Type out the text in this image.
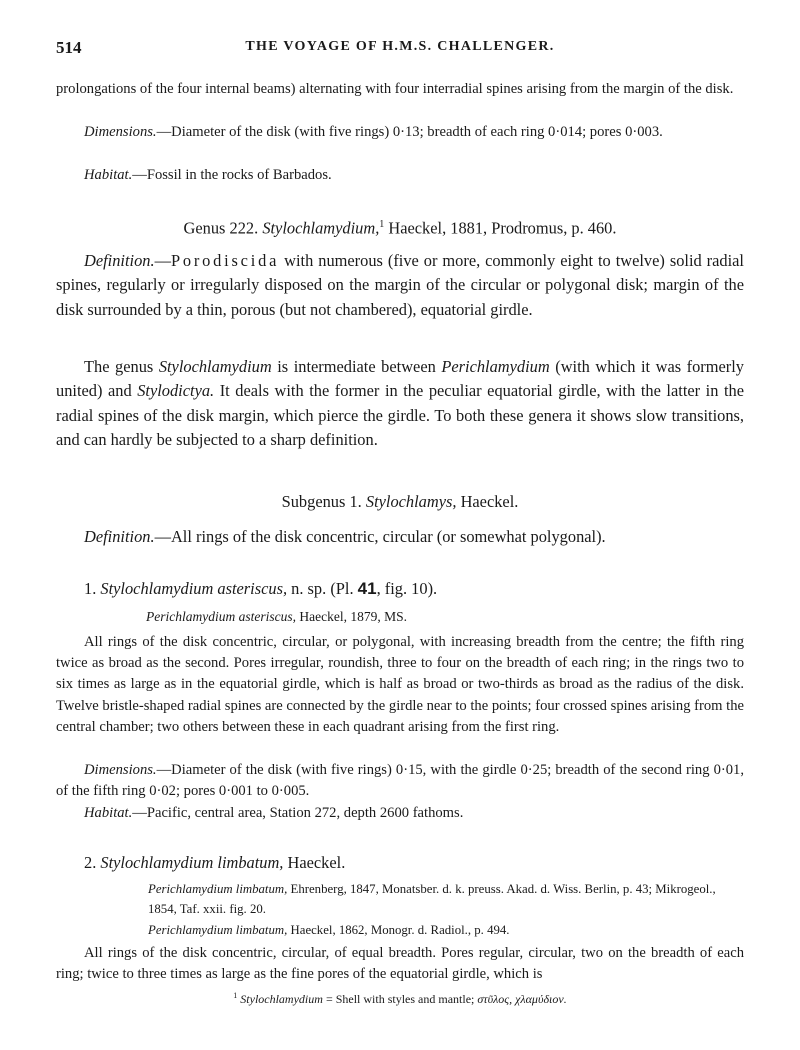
514	THE VOYAGE OF H.M.S. CHALLENGER.

prolongations of the four internal beams) alternating with four interradial spines arising from the margin of the disk.

Dimensions.—Diameter of the disk (with five rings) 0·13; breadth of each ring 0·014; pores 0·003.

Habitat.—Fossil in the rocks of Barbados.

Genus 222. Stylochlamydium,$^1$ Haeckel, 1881, Prodromus, p. 460.

Definition.—Porodiscida with numerous (five or more, commonly eight to twelve) solid radial spines, regularly or irregularly disposed on the margin of the circular or polygonal disk; margin of the disk surrounded by a thin, porous (but not chambered), equatorial girdle.

The genus Stylochlamydium is intermediate between Perichlamydium (with which it was formerly united) and Stylodictya. It deals with the former in the peculiar equatorial girdle, with the latter in the radial spines of the disk margin, which pierce the girdle. To both these genera it shows slow transitions, and can hardly be subjected to a sharp definition.

Subgenus 1. Stylochlamys, Haeckel.

Definition.—All rings of the disk concentric, circular (or somewhat polygonal).

1. Stylochlamydium asteriscus, n. sp. (Pl. 41, fig. 10).

Perichlamydium asteriscus, Haeckel, 1879, MS.

All rings of the disk concentric, circular, or polygonal, with increasing breadth from the centre; the fifth ring twice as broad as the second. Pores irregular, roundish, three to four on the breadth of each ring; in the rings two to six times as large as in the equatorial girdle, which is half as broad or two-thirds as broad as the radius of the disk. Twelve bristle-shaped radial spines are connected by the girdle near to the points; four crossed spines arising from the central chamber; two others between these in each quadrant arising from the first ring.

Dimensions.—Diameter of the disk (with five rings) 0·15, with the girdle 0·25; breadth of the second ring 0·01, of the fifth ring 0·02; pores 0·001 to 0·005.

Habitat.—Pacific, central area, Station 272, depth 2600 fathoms.

2. Stylochlamydium limbatum, Haeckel.

Perichlamydium limbatum, Ehrenberg, 1847, Monatsber. d. k. preuss. Akad. d. Wiss. Berlin, p. 43; Mikrogeol., 1854, Taf. xxii. fig. 20.

Perichlamydium limbatum, Haeckel, 1862, Monogr. d. Radiol., p. 494.

All rings of the disk concentric, circular, of equal breadth. Pores regular, circular, two on the breadth of each ring; twice to three times as large as the fine pores of the equatorial girdle, which is

$^1$ Stylochlamydium = Shell with styles and mantle; στῦλος, χλαμύδιον.
